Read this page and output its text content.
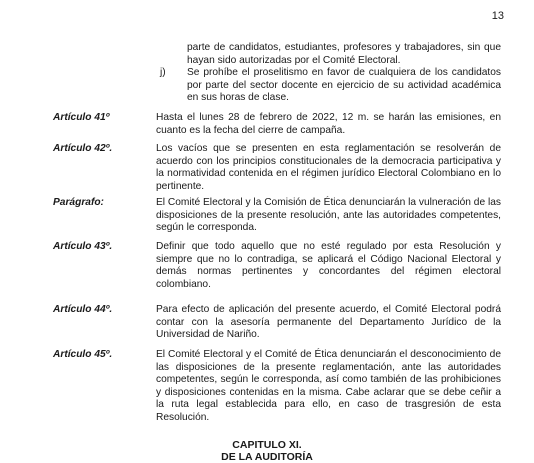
13
parte de candidatos, estudiantes, profesores y trabajadores, sin que hayan sido autorizadas por el Comité Electoral.
j) Se prohíbe el proselitismo en favor de cualquiera de los candidatos por parte del sector docente en ejercicio de su actividad académica en sus horas de clase.
Artículo 41º	Hasta el lunes 28 de febrero de 2022, 12 m. se harán las emisiones, en cuanto es la fecha del cierre de campaña.
Artículo 42º.	Los vacíos que se presenten en esta reglamentación se resolverán de acuerdo con los principios constitucionales de la democracia participativa y la normatividad contenida en el régimen jurídico Electoral Colombiano en lo pertinente.
Parágrafo:	El Comité Electoral y la Comisión de Ética denunciarán la vulneración de las disposiciones de la presente resolución, ante las autoridades competentes, según le corresponda.
Artículo 43º.	Definir que todo aquello que no esté regulado por esta Resolución y siempre que no lo contradiga, se aplicará el Código Nacional Electoral y demás normas pertinentes y concordantes del régimen electoral colombiano.
Artículo 44º.	Para efecto de aplicación del presente acuerdo, el Comité Electoral podrá contar con la asesoría permanente del Departamento Jurídico de la Universidad de Nariño.
Artículo 45º.	El Comité Electoral y el Comité de Ética denunciarán el desconocimiento de las disposiciones de la presente reglamentación, ante las autoridades competentes, según le corresponda, así como también de las prohibiciones y disposiciones contenidas en la misma. Cabe aclarar que se debe ceñir a la ruta legal establecida para ello, en caso de trasgresión de esta Resolución.
CAPITULO XI.
DE LA AUDITORÍA
